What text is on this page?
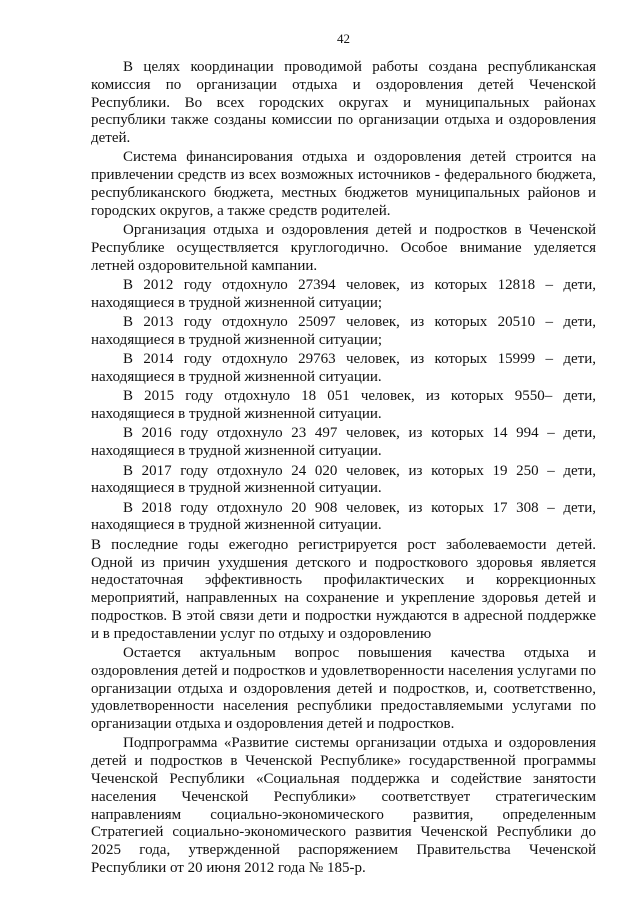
42

В целях координации проводимой работы создана республиканская комиссия по организации отдыха и оздоровления детей Чеченской Республики. Во всех городских округах и муниципальных районах республики также созданы комиссии по организации отдыха и оздоровления детей.

Система финансирования отдыха и оздоровления детей строится на привлечении средств из всех возможных источников - федерального бюджета, республиканского бюджета, местных бюджетов муниципальных районов и городских округов, а также средств родителей.

Организация отдыха и оздоровления детей и подростков в Чеченской Республике осуществляется круглогодично. Особое внимание уделяется летней оздоровительной кампании.

В 2012 году отдохнуло 27394 человек, из которых 12818 – дети, находящиеся в трудной жизненной ситуации;

В 2013 году отдохнуло 25097 человек, из которых 20510 – дети, находящиеся в трудной жизненной ситуации;

В 2014 году отдохнуло 29763 человек, из которых 15999 – дети, находящиеся в трудной жизненной ситуации.

В 2015 году отдохнуло 18 051 человек, из которых 9550– дети, находящиеся в трудной жизненной ситуации.

В 2016 году отдохнуло 23 497 человек, из которых 14 994 – дети, находящиеся в трудной жизненной ситуации.

В 2017 году отдохнуло 24 020 человек, из которых 19 250 – дети, находящиеся в трудной жизненной ситуации.

В 2018 году отдохнуло 20 908 человек, из которых 17 308 – дети, находящиеся в трудной жизненной ситуации.

В последние годы ежегодно регистрируется рост заболеваемости детей. Одной из причин ухудшения детского и подросткового здоровья является недостаточная эффективность профилактических и коррекционных мероприятий, направленных на сохранение и укрепление здоровья детей и подростков. В этой связи дети и подростки нуждаются в адресной поддержке и в предоставлении услуг по отдыху и оздоровлению

Остается актуальным вопрос повышения качества отдыха и оздоровления детей и подростков и удовлетворенности населения услугами по организации отдыха и оздоровления детей и подростков, и, соответственно, удовлетворенности населения республики предоставляемыми услугами по организации отдыха и оздоровления детей и подростков.

Подпрограмма «Развитие системы организации отдыха и оздоровления детей и подростков в Чеченской Республике» государственной программы Чеченской Республики «Социальная поддержка и содействие занятости населения Чеченской Республики» соответствует стратегическим направлениям социально-экономического развития, определенным Стратегией социально-экономического развития Чеченской Республики до 2025 года, утвержденной распоряжением Правительства Чеченской Республики от 20 июня 2012 года № 185-р.
